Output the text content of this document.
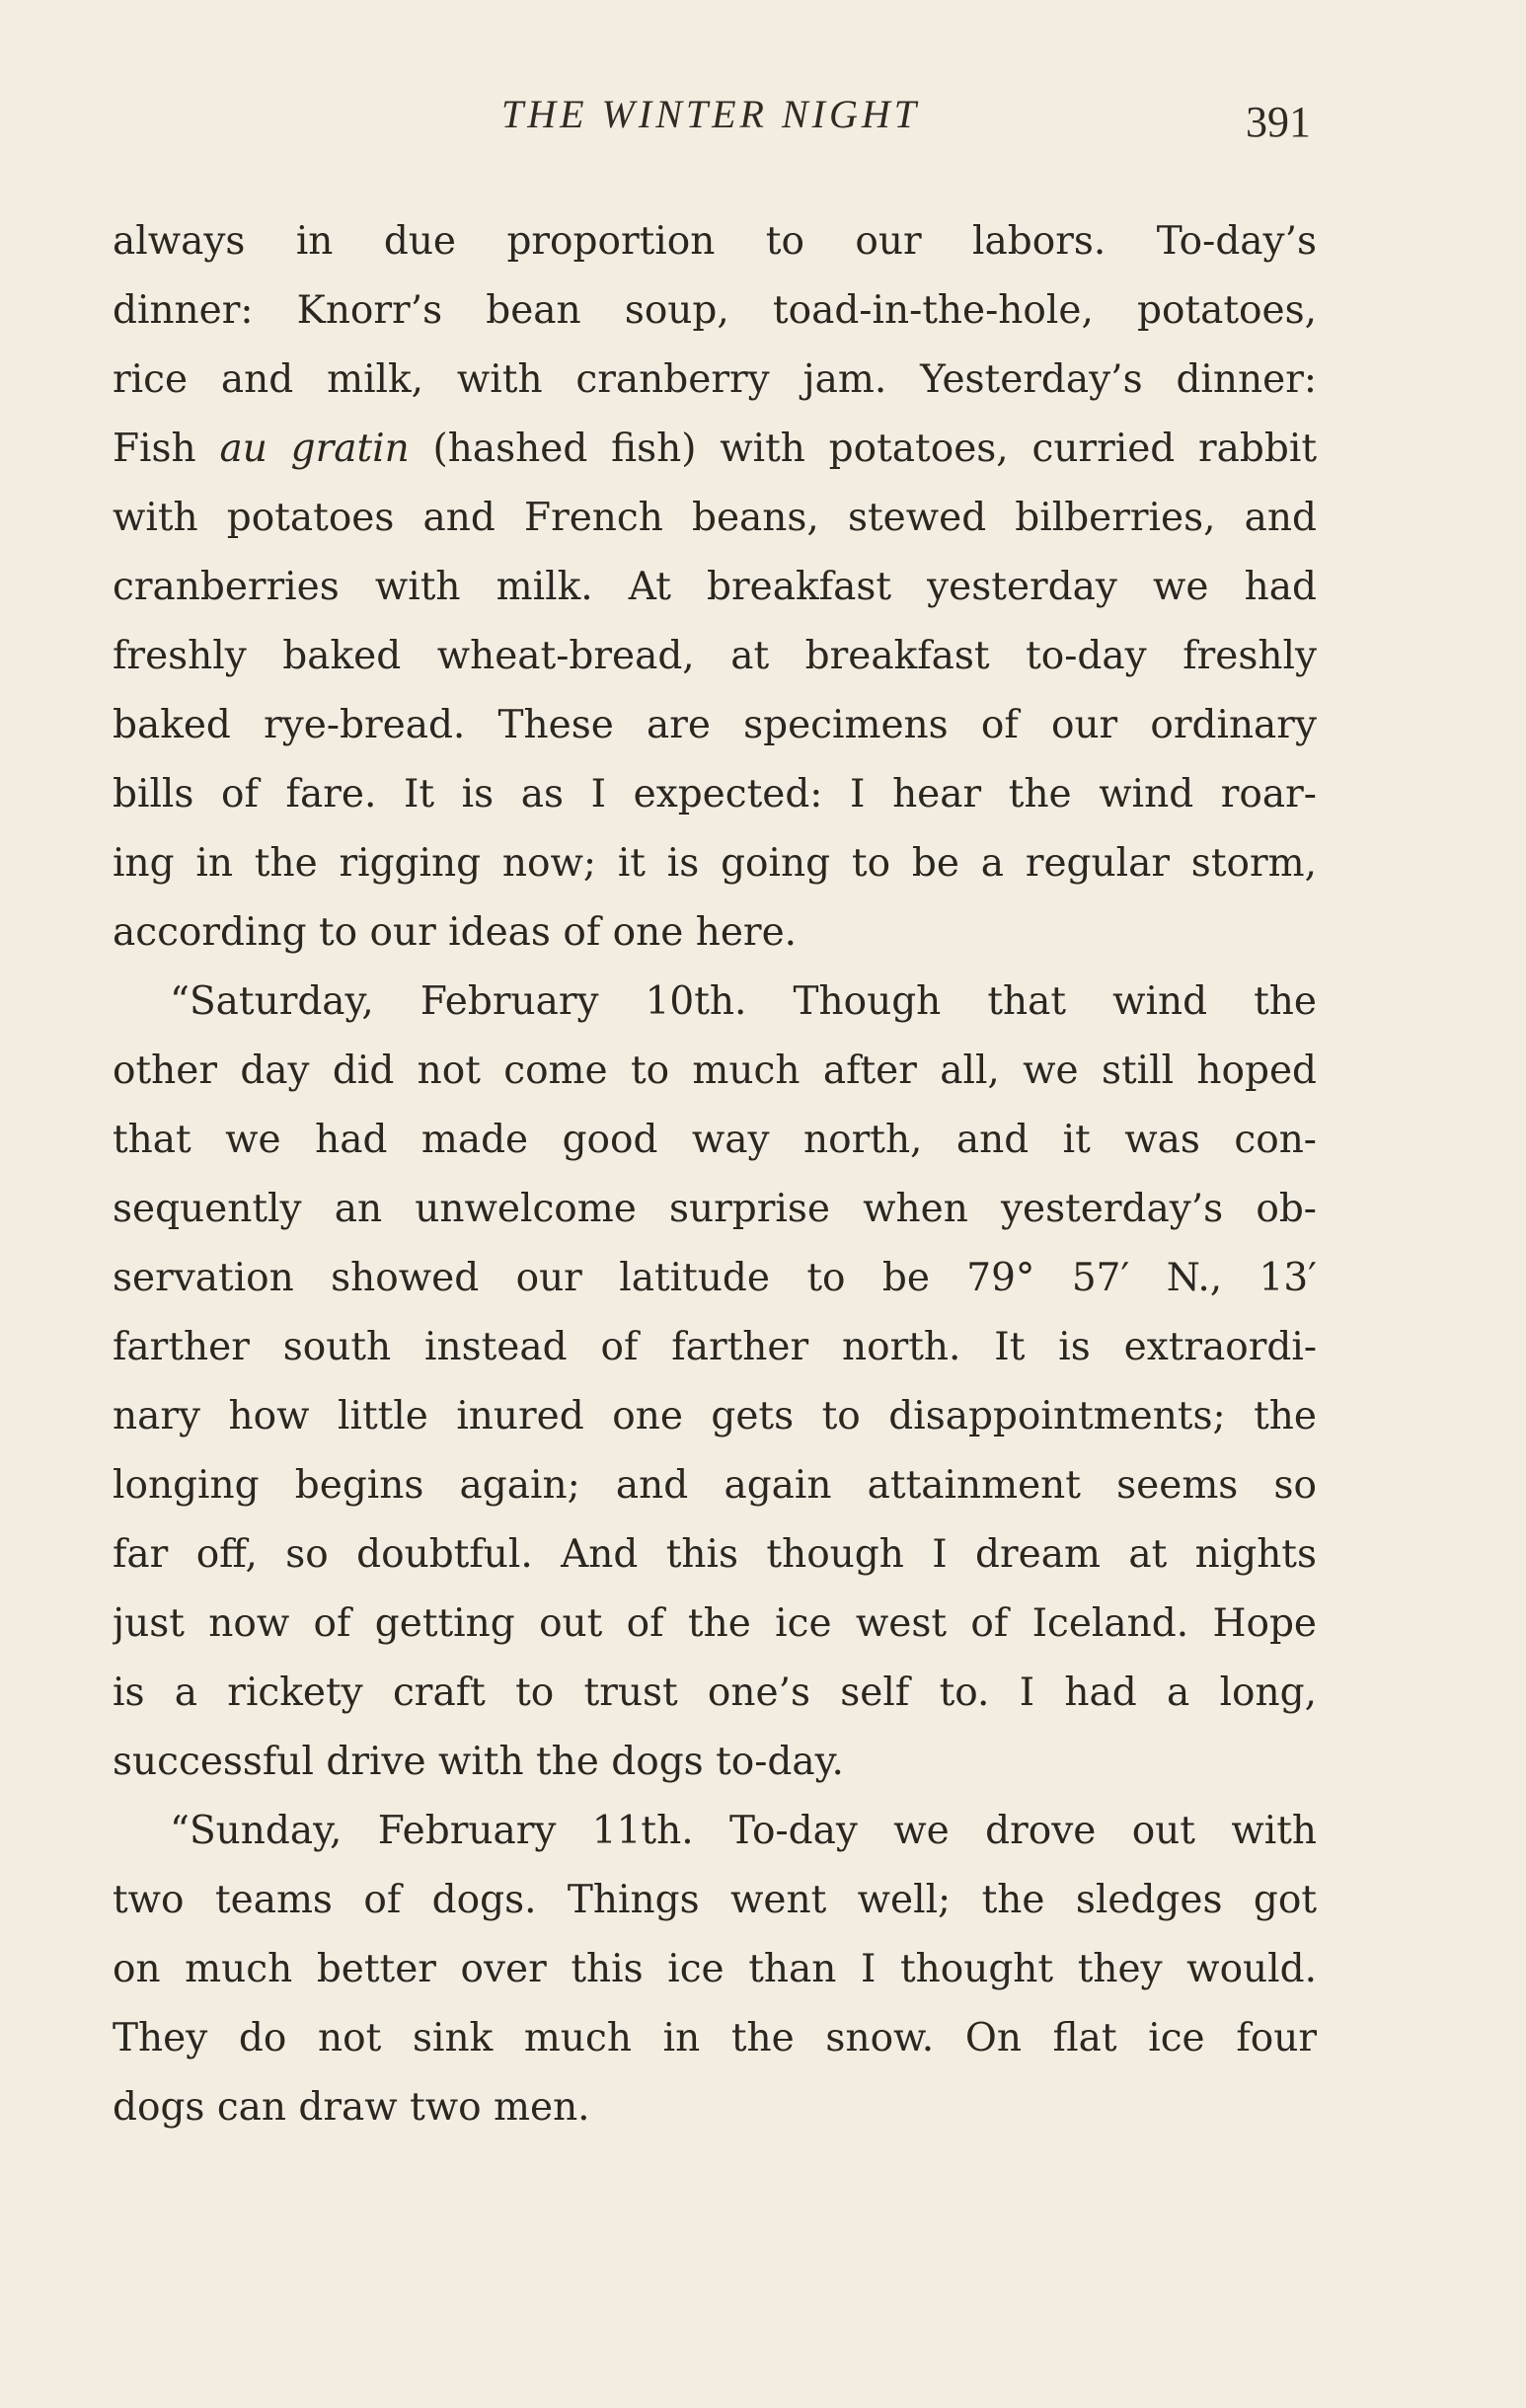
THE WINTER NIGHT	391
always in due proportion to our labors. To-day’s
dinner: Knorr’s bean soup, toad-in-the-hole, potatoes,
rice and milk, with cranberry jam. Yesterday’s dinner:
Fish au gratin (hashed fish) with potatoes, curried rabbit
with potatoes and French beans, stewed bilberries, and
cranberries with milk. At breakfast yesterday we had
freshly baked wheat-bread, at breakfast to-day freshly
baked rye-bread. These are specimens of our ordinary
bills of fare. It is as I expected: I hear the wind roar-
ing in the rigging now; it is going to be a regular storm,
according to our ideas of one here.
“Saturday, February 10th. Though that wind the
other day did not come to much after all, we still hoped
that we had made good way north, and it was con-
sequently an unwelcome surprise when yesterday’s ob-
servation showed our latitude to be 79° 57′ N., 13′
farther south instead of farther north. It is extraordi-
nary how little inured one gets to disappointments; the
longing begins again; and again attainment seems so
far off, so doubtful. And this though I dream at nights
just now of getting out of the ice west of Iceland. Hope
is a rickety craft to trust one’s self to. I had a long,
successful drive with the dogs to-day.
“Sunday, February 11th. To-day we drove out with
two teams of dogs. Things went well; the sledges got
on much better over this ice than I thought they would.
They do not sink much in the snow. On flat ice four
dogs can draw two men.
